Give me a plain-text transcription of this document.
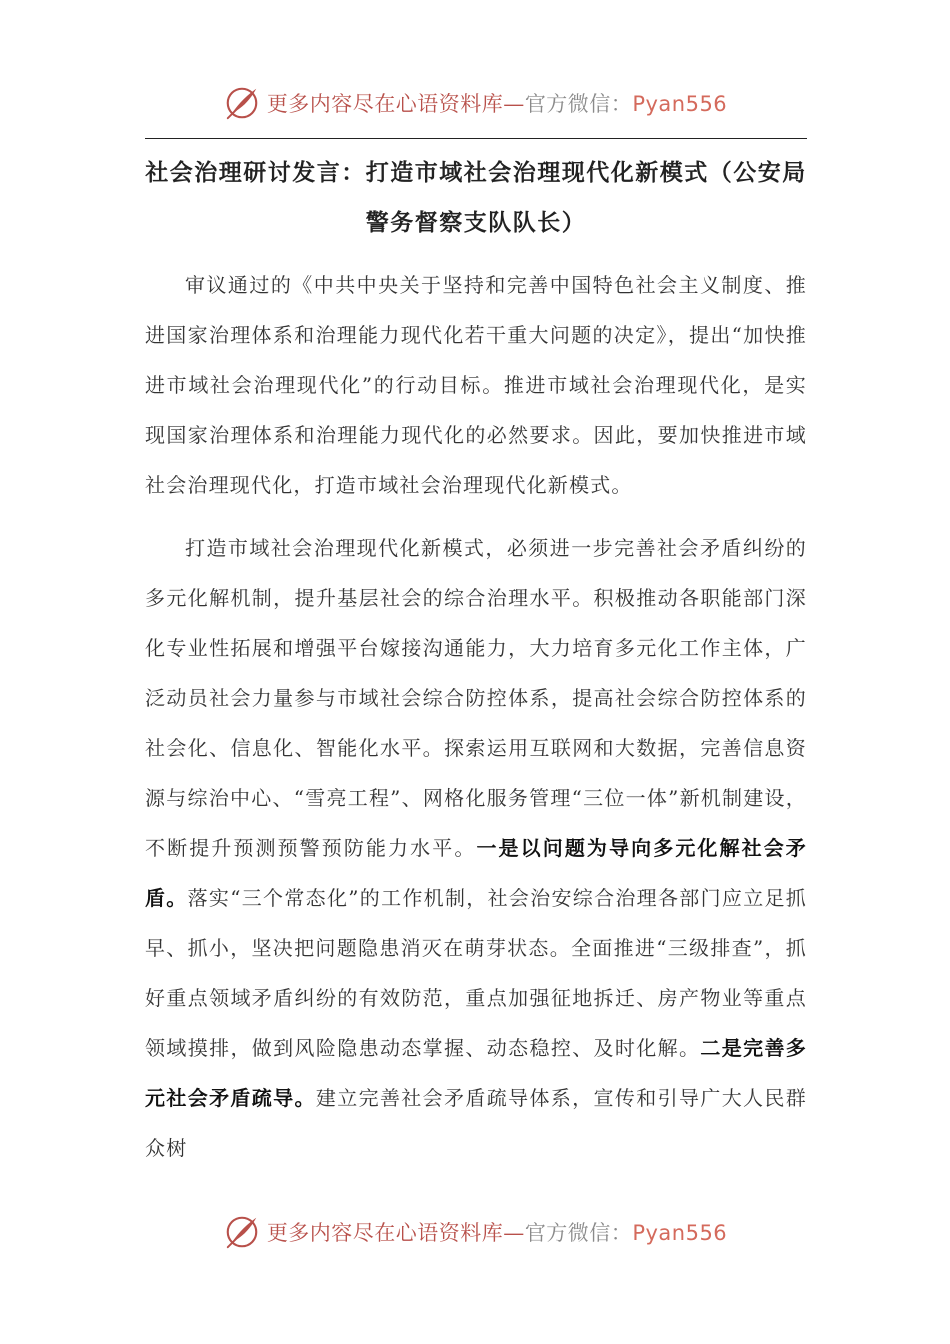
更多内容尽在心语资料库—官方微信：Pyan556
社会治理研讨发言：打造市域社会治理现代化新模式（公安局警务督察支队队长）

审议通过的《中共中央关于坚持和完善中国特色社会主义制度、推进国家治理体系和治理能力现代化若干重大问题的决定》，提出“加快推进市域社会治理现代化”的行动目标。推进市域社会治理现代化，是实现国家治理体系和治理能力现代化的必然要求。因此，要加快推进市域社会治理现代化，打造市域社会治理现代化新模式。

打造市域社会治理现代化新模式，必须进一步完善社会矛盾纠纷的多元化解机制，提升基层社会的综合治理水平。积极推动各职能部门深化专业性拓展和增强平台嫁接沟通能力，大力培育多元化工作主体，广泛动员社会力量参与市域社会综合防控体系，提高社会综合防控体系的社会化、信息化、智能化水平。探索运用互联网和大数据，完善信息资源与综治中心、“雪亮工程”、网格化服务管理“三位一体”新机制建设，不断提升预测预警预防能力水平。一是以问题为导向多元化解社会矛盾。落实“三个常态化”的工作机制，社会治安综合治理各部门应立足抓早、抓小，坚决把问题隐患消灭在萌芽状态。全面推进“三级排查”，抓好重点领域矛盾纠纷的有效防范，重点加强征地拆迁、房产物业等重点领域摸排，做到风险隐患动态掌握、动态稳控、及时化解。二是完善多元社会矛盾疏导。建立完善社会矛盾疏导体系，宣传和引导广大人民群众树

更多内容尽在心语资料库—官方微信：Pyan556
